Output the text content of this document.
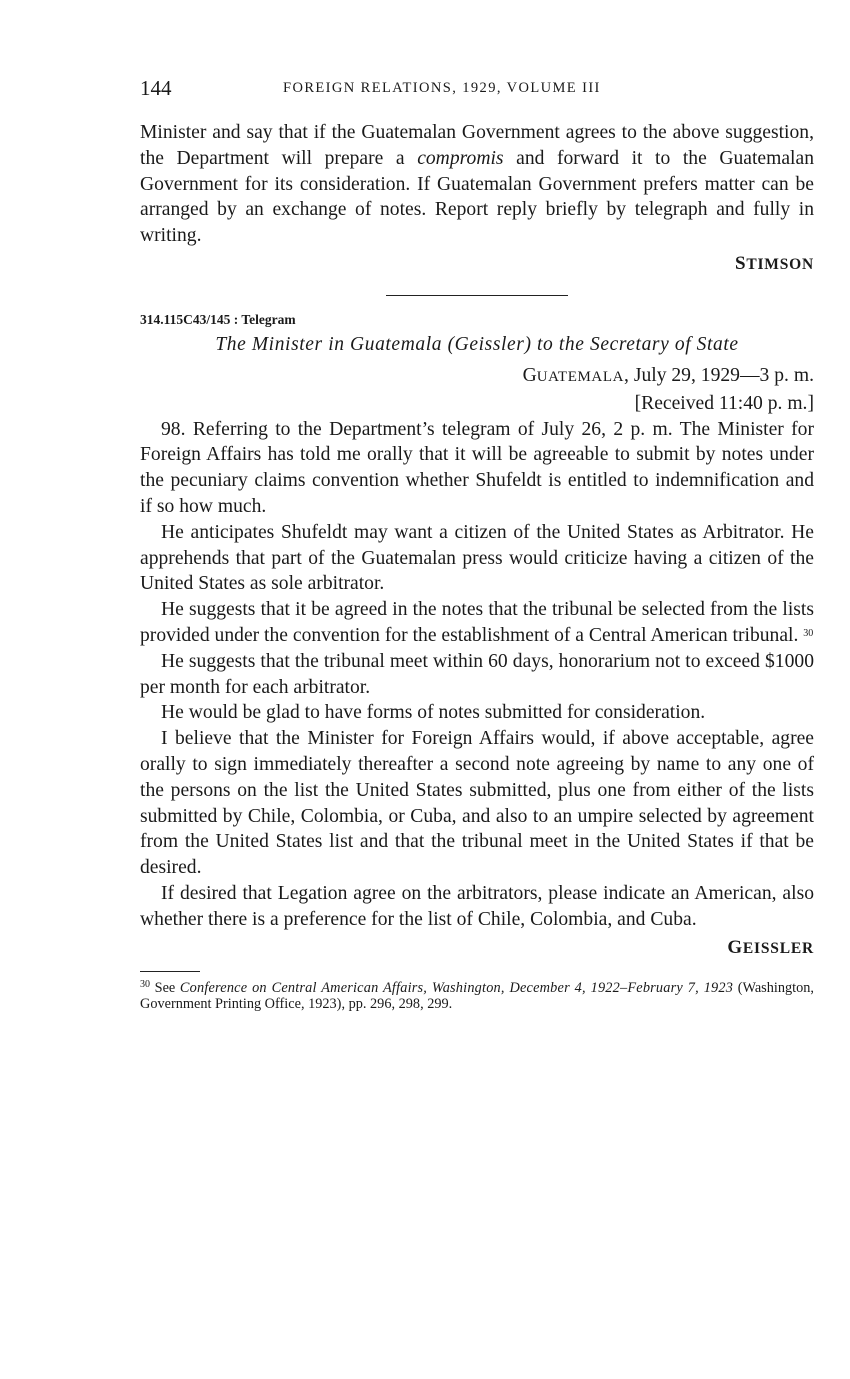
144	FOREIGN RELATIONS, 1929, VOLUME III

Minister and say that if the Guatemalan Government agrees to the above suggestion, the Department will prepare a compromis and forward it to the Guatemalan Government for its consideration. If Guatemalan Government prefers matter can be arranged by an exchange of notes. Report reply briefly by telegraph and fully in writing.

STIMSON
314.115C43/145 : Telegram
The Minister in Guatemala (Geissler) to the Secretary of State
GUATEMALA, July 29, 1929—3 p. m.
[Received 11:40 p. m.]

98. Referring to the Department’s telegram of July 26, 2 p. m. The Minister for Foreign Affairs has told me orally that it will be agreeable to submit by notes under the pecuniary claims convention whether Shufeldt is entitled to indemnification and if so how much.

He anticipates Shufeldt may want a citizen of the United States as Arbitrator. He apprehends that part of the Guatemalan press would criticize having a citizen of the United States as sole arbitrator.

He suggests that it be agreed in the notes that the tribunal be selected from the lists provided under the convention for the establishment of a Central American tribunal. $^{30}$

He suggests that the tribunal meet within 60 days, honorarium not to exceed $1000 per month for each arbitrator.

He would be glad to have forms of notes submitted for consideration.

I believe that the Minister for Foreign Affairs would, if above acceptable, agree orally to sign immediately thereafter a second note agreeing by name to any one of the persons on the list the United States submitted, plus one from either of the lists submitted by Chile, Colombia, or Cuba, and also to an umpire selected by agreement from the United States list and that the tribunal meet in the United States if that be desired.

If desired that Legation agree on the arbitrators, please indicate an American, also whether there is a preference for the list of Chile, Colombia, and Cuba.

GEISSLER

$^{30}$ See Conference on Central American Affairs, Washington, December 4, 1922–February 7, 1923 (Washington, Government Printing Office, 1923), pp. 296, 298, 299.
